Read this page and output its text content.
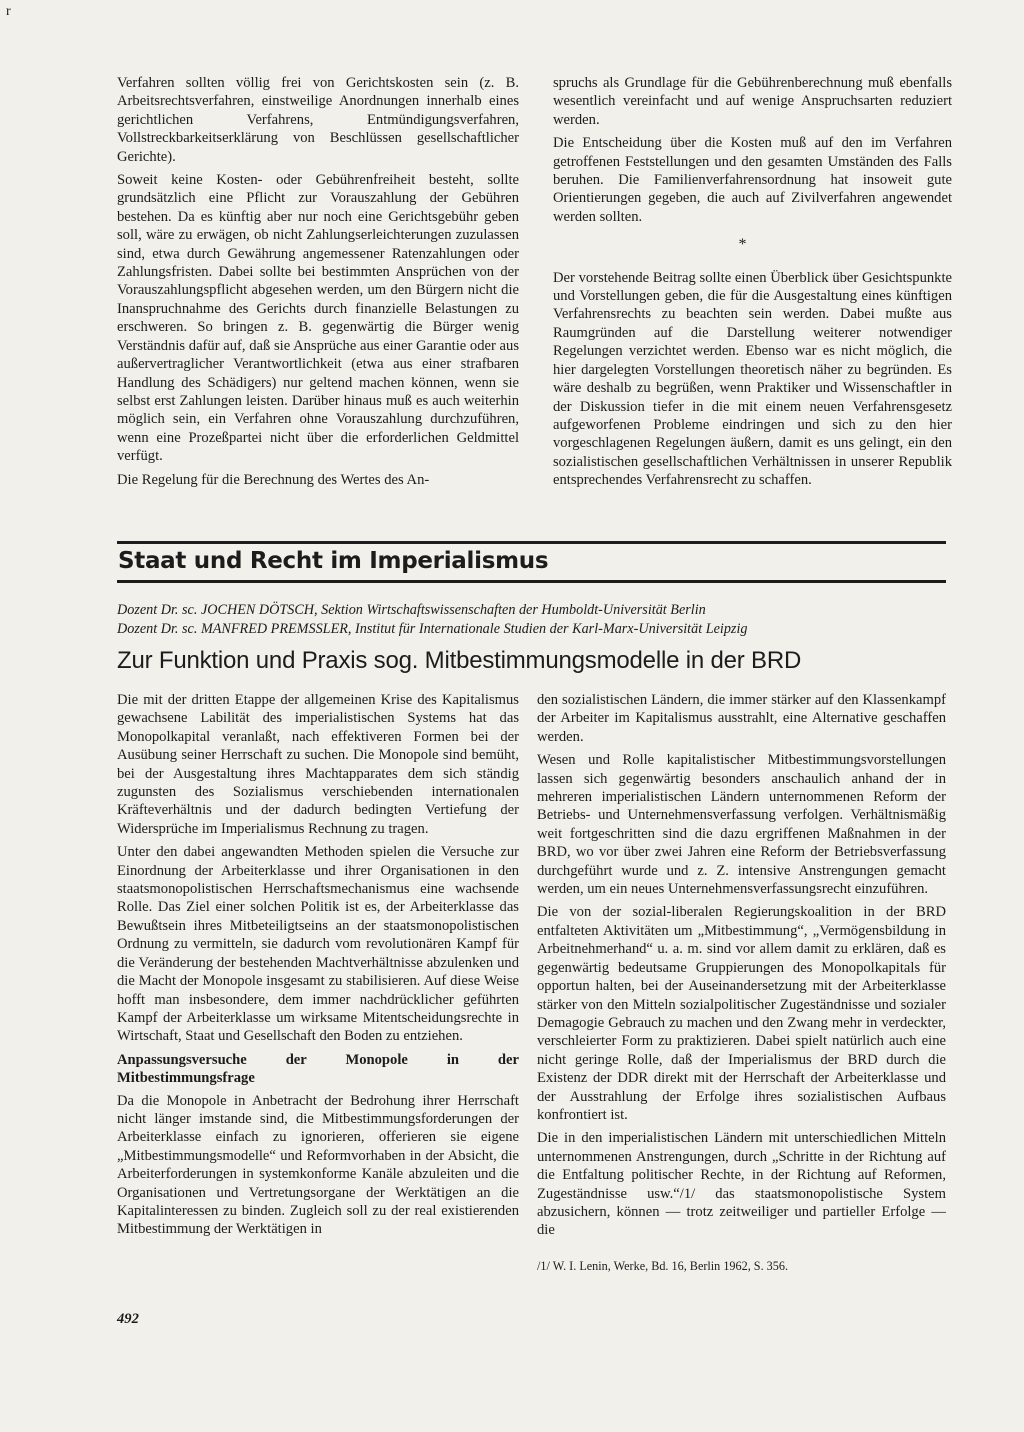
r

Verfahren sollten völlig frei von Gerichtskosten sein (z. B. Arbeitsrechtsverfahren, einstweilige Anordnungen innerhalb eines gerichtlichen Verfahrens, Entmündigungsverfahren, Vollstreckbarkeitserklärung von Beschlüssen gesellschaftlicher Gerichte).

Soweit keine Kosten- oder Gebührenfreiheit besteht, sollte grundsätzlich eine Pflicht zur Vorauszahlung der Gebühren bestehen. Da es künftig aber nur noch eine Gerichtsgebühr geben soll, wäre zu erwägen, ob nicht Zahlungserleichterungen zuzulassen sind, etwa durch Gewährung angemessener Ratenzahlungen oder Zahlungsfristen. Dabei sollte bei bestimmten Ansprüchen von der Vorauszahlungspflicht abgesehen werden, um den Bürgern nicht die Inanspruchnahme des Gerichts durch finanzielle Belastungen zu erschweren. So bringen z. B. gegenwärtig die Bürger wenig Verständnis dafür auf, daß sie Ansprüche aus einer Garantie oder aus außervertraglicher Verantwortlichkeit (etwa aus einer strafbaren Handlung des Schädigers) nur geltend machen können, wenn sie selbst erst Zahlungen leisten. Darüber hinaus muß es auch weiterhin möglich sein, ein Verfahren ohne Vorauszahlung durchzuführen, wenn eine Prozeßpartei nicht über die erforderlichen Geldmittel verfügt.

Die Regelung für die Berechnung des Wertes des An-

spruchs als Grundlage für die Gebührenberechnung muß ebenfalls wesentlich vereinfacht und auf wenige Anspruchsarten reduziert werden.

Die Entscheidung über die Kosten muß auf den im Verfahren getroffenen Feststellungen und den gesamten Umständen des Falls beruhen. Die Familienverfahrensordnung hat insoweit gute Orientierungen gegeben, die auch auf Zivilverfahren angewendet werden sollten.

*

Der vorstehende Beitrag sollte einen Überblick über Gesichtspunkte und Vorstellungen geben, die für die Ausgestaltung eines künftigen Verfahrensrechts zu beachten sein werden. Dabei mußte aus Raumgründen auf die Darstellung weiterer notwendiger Regelungen verzichtet werden. Ebenso war es nicht möglich, die hier dargelegten Vorstellungen theoretisch näher zu begründen. Es wäre deshalb zu begrüßen, wenn Praktiker und Wissenschaftler in der Diskussion tiefer in die mit einem neuen Verfahrensgesetz aufgeworfenen Probleme eindringen und sich zu den hier vorgeschlagenen Regelungen äußern, damit es uns gelingt, ein den sozialistischen gesellschaftlichen Verhältnissen in unserer Republik entsprechendes Verfahrensrecht zu schaffen.

Staat und Recht im Imperialismus
Dozent Dr. sc. JOCHEN DÖTSCH, Sektion Wirtschaftswissenschaften der Humboldt-Universität Berlin
Dozent Dr. sc. MANFRED PREMSSLER, Institut für Internationale Studien der Karl-Marx-Universität Leipzig
Zur Funktion und Praxis sog. Mitbestimmungsmodelle in der BRD

Die mit der dritten Etappe der allgemeinen Krise des Kapitalismus gewachsene Labilität des imperialistischen Systems hat das Monopolkapital veranlaßt, nach effektiveren Formen bei der Ausübung seiner Herrschaft zu suchen. Die Monopole sind bemüht, bei der Ausgestaltung ihres Machtapparates dem sich ständig zugunsten des Sozialismus verschiebenden internationalen Kräfteverhältnis und der dadurch bedingten Vertiefung der Widersprüche im Imperialismus Rechnung zu tragen.

Unter den dabei angewandten Methoden spielen die Versuche zur Einordnung der Arbeiterklasse und ihrer Organisationen in den staatsmonopolistischen Herrschaftsmechanismus eine wachsende Rolle. Das Ziel einer solchen Politik ist es, der Arbeiterklasse das Bewußtsein ihres Mitbeteiligtseins an der staatsmonopolistischen Ordnung zu vermitteln, sie dadurch vom revolutionären Kampf für die Veränderung der bestehenden Machtverhältnisse abzulenken und die Macht der Monopole insgesamt zu stabilisieren. Auf diese Weise hofft man insbesondere, dem immer nachdrücklicher geführten Kampf der Arbeiterklasse um wirksame Mitentscheidungsrechte in Wirtschaft, Staat und Gesellschaft den Boden zu entziehen.

Anpassungsversuche der Monopole in der Mitbestimmungsfrage

Da die Monopole in Anbetracht der Bedrohung ihrer Herrschaft nicht länger imstande sind, die Mitbestimmungsforderungen der Arbeiterklasse einfach zu ignorieren, offerieren sie eigene „Mitbestimmungsmodelle“ und Reformvorhaben in der Absicht, die Arbeiterforderungen in systemkonforme Kanäle abzuleiten und die Organisationen und Vertretungsorgane der Werktätigen an die Kapitalinteressen zu binden. Zugleich soll zu der real existierenden Mitbestimmung der Werktätigen in

den sozialistischen Ländern, die immer stärker auf den Klassenkampf der Arbeiter im Kapitalismus ausstrahlt, eine Alternative geschaffen werden.

Wesen und Rolle kapitalistischer Mitbestimmungsvorstellungen lassen sich gegenwärtig besonders anschaulich anhand der in mehreren imperialistischen Ländern unternommenen Reform der Betriebs- und Unternehmensverfassung verfolgen. Verhältnismäßig weit fortgeschritten sind die dazu ergriffenen Maßnahmen in der BRD, wo vor über zwei Jahren eine Reform der Betriebsverfassung durchgeführt wurde und z. Z. intensive Anstrengungen gemacht werden, um ein neues Unternehmensverfassungsrecht einzuführen.

Die von der sozial-liberalen Regierungskoalition in der BRD entfalteten Aktivitäten um „Mitbestimmung“, „Vermögensbildung in Arbeitnehmerhand“ u. a. m. sind vor allem damit zu erklären, daß es gegenwärtig bedeutsame Gruppierungen des Monopolkapitals für opportun halten, bei der Auseinandersetzung mit der Arbeiterklasse stärker von den Mitteln sozialpolitischer Zugeständnisse und sozialer Demagogie Gebrauch zu machen und den Zwang mehr in verdeckter, verschleierter Form zu praktizieren. Dabei spielt natürlich auch eine nicht geringe Rolle, daß der Imperialismus der BRD durch die Existenz der DDR direkt mit der Herrschaft der Arbeiterklasse und der Ausstrahlung der Erfolge ihres sozialistischen Aufbaus konfrontiert ist.

Die in den imperialistischen Ländern mit unterschiedlichen Mitteln unternommenen Anstrengungen, durch „Schritte in der Richtung auf die Entfaltung politischer Rechte, in der Richtung auf Reformen, Zugeständnisse usw.“/1/ das staatsmonopolistische System abzusichern, können — trotz zeitweiliger und partieller Erfolge — die

/1/ W. I. Lenin, Werke, Bd. 16, Berlin 1962, S. 356.

492
